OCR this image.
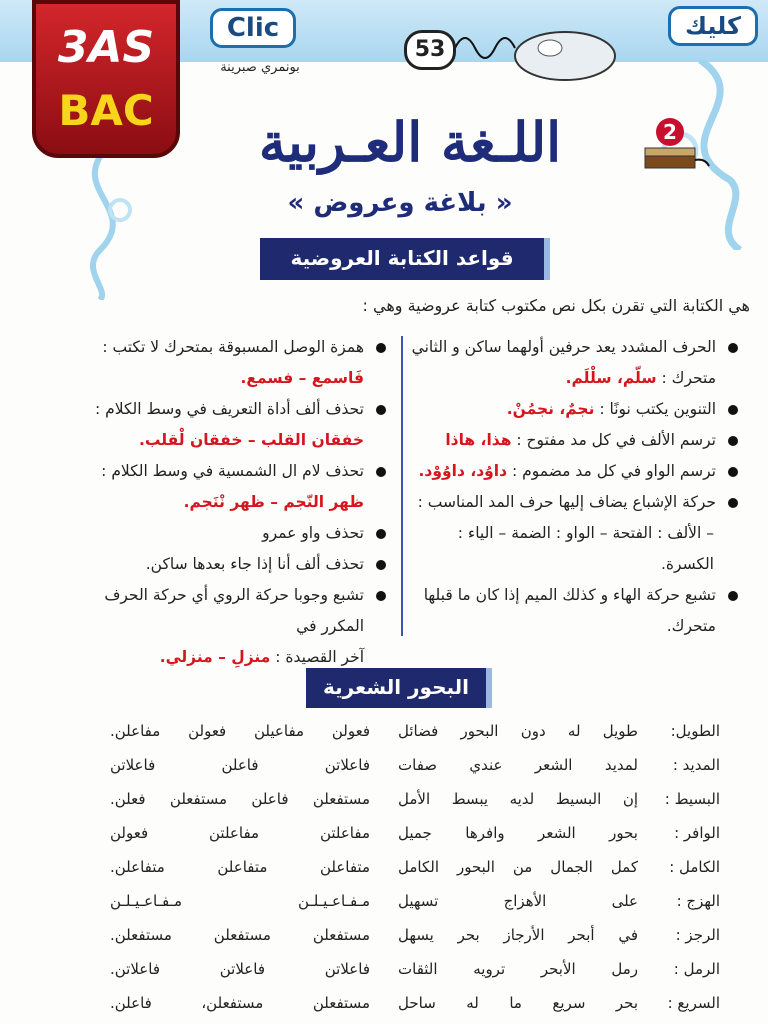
3AS
BAC
Clic	كليك
53
بونمري صبرينة
2
اللـغة العـربية
« بلاغة وعروض »
قواعد الكتابة العروضية
هي الكتابة التي تقرن بكل نص مكتوب كتابة عروضية وهي :
الحرف المشدد يعد حرفين أولهما ساكن و الثاني
متحرك : سلّم، سلْلَم.
التنوين يكتب نونًا : نجمٌ، نجمُنْ.
ترسم الألف في كل مد مفتوح : هذا، هاذا
ترسم الواو في كل مد مضموم : داوُد، داوُوْد.
حركة الإشباع يضاف إليها حرف المد المناسب :
– الألف : الفتحة – الواو : الضمة – الياء : الكسرة.
تشبع حركة الهاء و كذلك الميم إذا كان ما قبلها
متحرك.
همزة الوصل المسبوقة بمتحرك لا تكتب :
فَاسمع – فسمع.
تحذف ألف أداة التعريف في وسط الكلام :
خفقان القلب – خفقان لْقلب.
تحذف لام ال الشمسية في وسط الكلام :
ظهر النّجم – ظهر نْنَجم.
تحذف واو عمرو
تحذف ألف أنا إذا جاء بعدها ساكن.
تشبع وجوبا حركة الروي أي حركة الحرف المكرر في
آخر القصيدة : منزلِ – منزلي.
البحور الشعرية
الطويل:
طويل له دون البحور فضائل
فعولن مفاعيلن فعولن مفاعلن.
المديد :
لمديد الشعر عندي صفات
فاعلاتن فاعلن فاعلاتن
البسيط :
إن البسيط لديه يبسط الأمل
مستفعلن فاعلن مستفعلن فعلن.
الوافر :
بحور الشعر وافرها جميل
مفاعلتن مفاعلتن فعولن
الكامل :
كمل الجمال من البحور الكامل
متفاعلن متفاعلن متفاعلن.
الهزج :
على الأهزاج تسهيل
مـفـاعـيـلـن مـفـاعـيـلـن
الرجز :
في أبحر الأرجاز بحر يسهل
مستفعلن مستفعلن مستفعلن.
الرمل :
رمل الأبحر ترويه الثقات
فاعلاتن فاعلاتن فاعلاتن.
السريع :
بحر سريع ما له ساحل
مستفعلن مستفعلن، فاعلن.
